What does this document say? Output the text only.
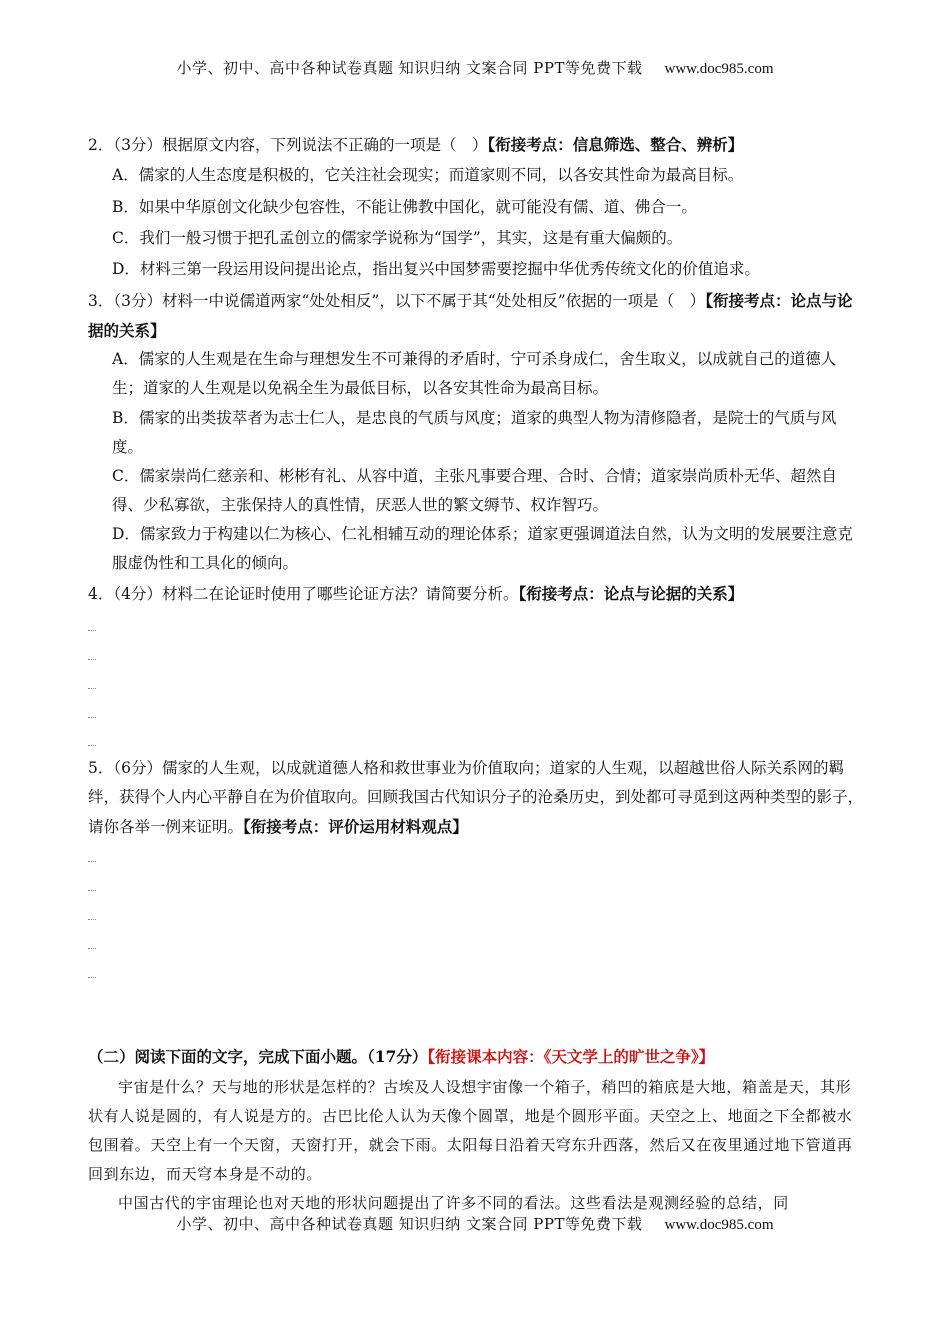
小学、初中、高中各种试卷真题 知识归纳 文案合同 PPT等免费下载 www.doc985.com
2．（3分）根据原文内容，下列说法不正确的一项是（　）【衔接考点：信息筛选、整合、辨析】
A．儒家的人生态度是积极的，它关注社会现实；而道家则不同，以各安其性命为最高目标。
B．如果中华原创文化缺少包容性，不能让佛教中国化，就可能没有儒、道、佛合一。
C．我们一般习惯于把孔孟创立的儒家学说称为“国学”，其实，这是有重大偏颇的。
D．材料三第一段运用设问提出论点，指出复兴中国梦需要挖掘中华优秀传统文化的价值追求。
3．（3分）材料一中说儒道两家“处处相反”，以下不属于其“处处相反”依据的一项是（　）【衔接考点：论点与论据的关系】
A．儒家的人生观是在生命与理想发生不可兼得的矛盾时，宁可杀身成仁，舍生取义，以成就自己的道德人生；道家的人生观是以免祸全生为最低目标，以各安其性命为最高目标。
B．儒家的出类拔萃者为志士仁人，是忠良的气质与风度；道家的典型人物为清修隐者，是院士的气质与风度。
C．儒家崇尚仁慈亲和、彬彬有礼、从容中道，主张凡事要合理、合时、合情；道家崇尚质朴无华、超然自得、少私寡欲，主张保持人的真性情，厌恶人世的繁文缛节、权诈智巧。
D．儒家致力于构建以仁为核心、仁礼相辅互动的理论体系；道家更强调道法自然，认为文明的发展要注意克服虚伪性和工具化的倾向。
4．（4分）材料二在论证时使用了哪些论证方法？请简要分析。【衔接考点：论点与论据的关系】
5．（6分）儒家的人生观，以成就道德人格和救世事业为价值取向；道家的人生观，以超越世俗人际关系网的羁绊，获得个人内心平静自在为价值取向。回顾我国古代知识分子的沧桑历史，到处都可寻觅到这两种类型的影子，请你各举一例来证明。【衔接考点：评价运用材料观点】
（二）阅读下面的文字，完成下面小题。（17分）【衔接课本内容：《天文学上的旷世之争》】
宇宙是什么？天与地的形状是怎样的？古埃及人设想宇宙像一个箱子，稍凹的箱底是大地，箱盖是天，其形状有人说是圆的，有人说是方的。古巴比伦人认为天像个圆罩，地是个圆形平面。天空之上、地面之下全都被水包围着。天空上有一个天窗，天窗打开，就会下雨。太阳每日沿着天穹东升西落，然后又在夜里通过地下管道再回到东边，而天穹本身是不动的。
中国古代的宇宙理论也对天地的形状问题提出了许多不同的看法。这些看法是观测经验的总结，同
小学、初中、高中各种试卷真题 知识归纳 文案合同 PPT等免费下载 www.doc985.com
